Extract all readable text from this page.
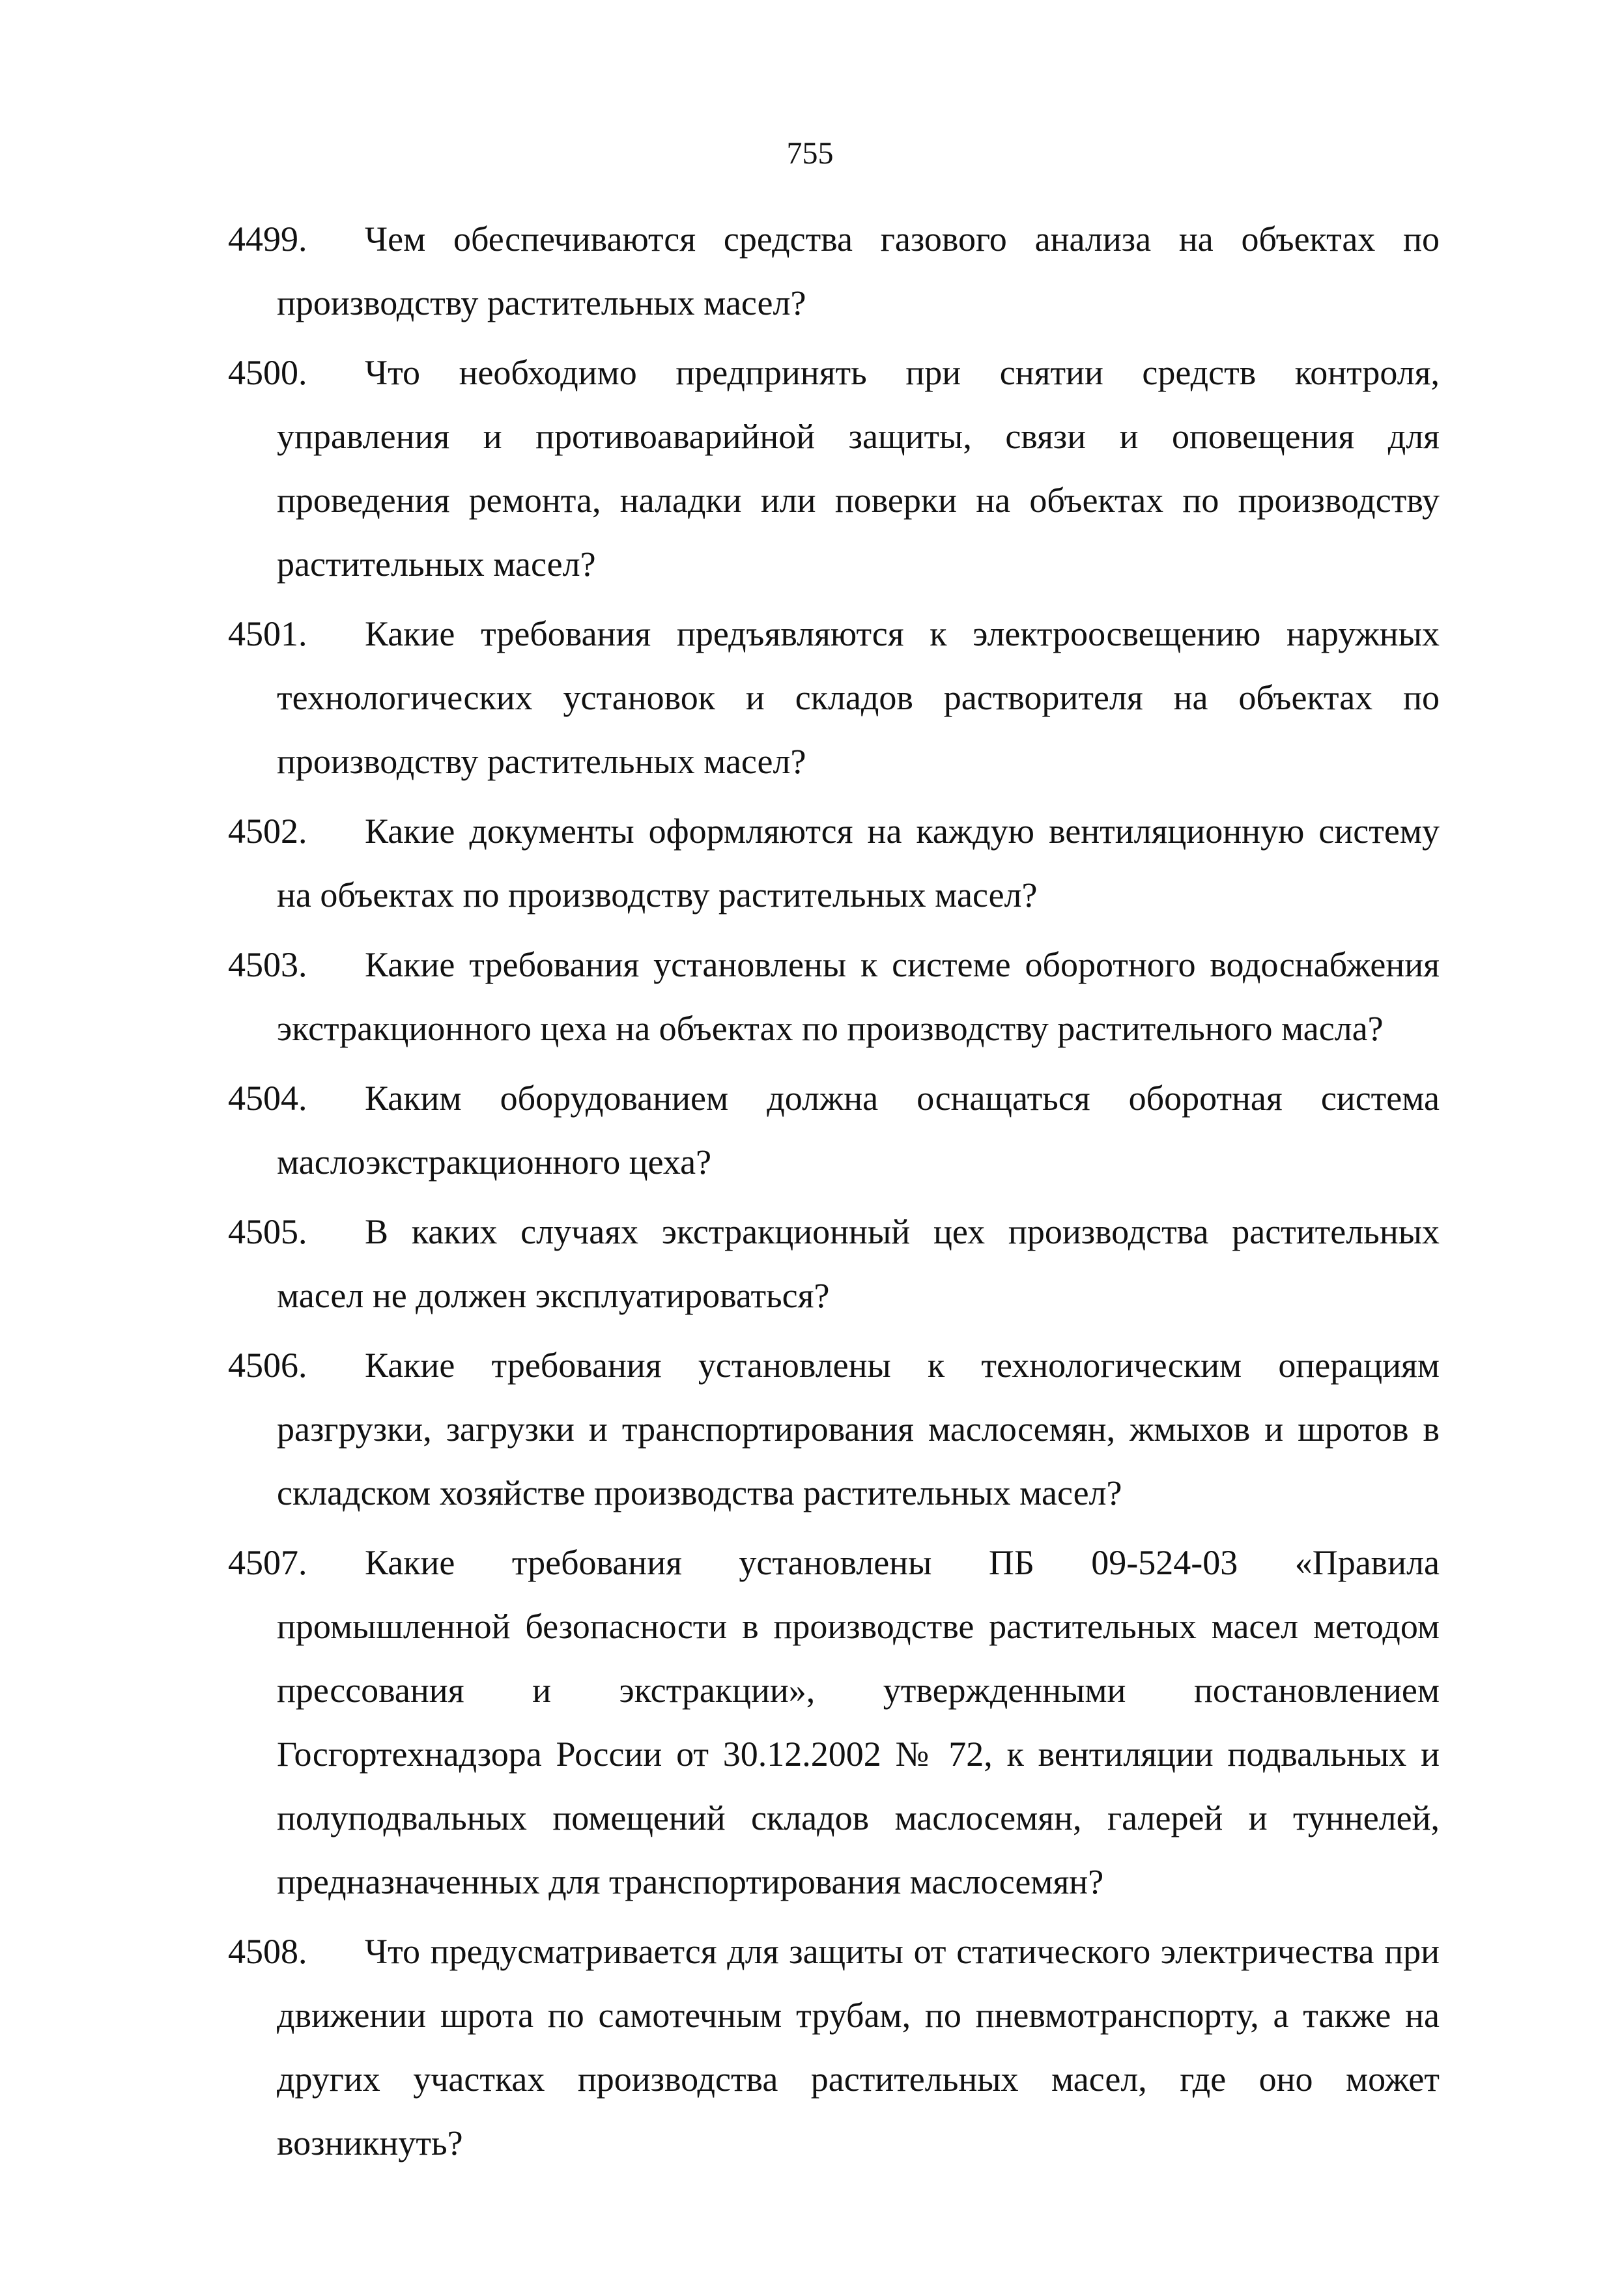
755
4499.	Чем обеспечиваются средства газового анализа на объектах по производству растительных масел?
4500.	Что необходимо предпринять при снятии средств контроля, управления и противоаварийной защиты, связи и оповещения для проведения ремонта, наладки или поверки на объектах по производству растительных масел?
4501.	Какие требования предъявляются к электроосвещению наружных технологических установок и складов растворителя на объектах по производству растительных масел?
4502.	Какие документы оформляются на каждую вентиляционную систему на объектах по производству растительных масел?
4503.	Какие требования установлены к системе оборотного водоснабжения экстракционного цеха на объектах по производству растительного масла?
4504.	Каким оборудованием должна оснащаться оборотная система маслоэкстракционного цеха?
4505.	В каких случаях экстракционный цех производства растительных масел не должен эксплуатироваться?
4506.	Какие требования установлены к технологическим операциям разгрузки, загрузки и транспортирования маслосемян, жмыхов и шротов в складском хозяйстве производства растительных масел?
4507.	Какие требования установлены ПБ 09-524-03 «Правила промышленной безопасности в производстве растительных масел методом прессования и экстракции», утвержденными постановлением Госгортехнадзора России от 30.12.2002 № 72, к вентиляции подвальных и полуподвальных помещений складов маслосемян, галерей и туннелей, предназначенных для транспортирования маслосемян?
4508.	Что предусматривается для защиты от статического электричества при движении шрота по самотечным трубам, по пневмотранспорту, а также на других участках производства растительных масел, где оно может возникнуть?
